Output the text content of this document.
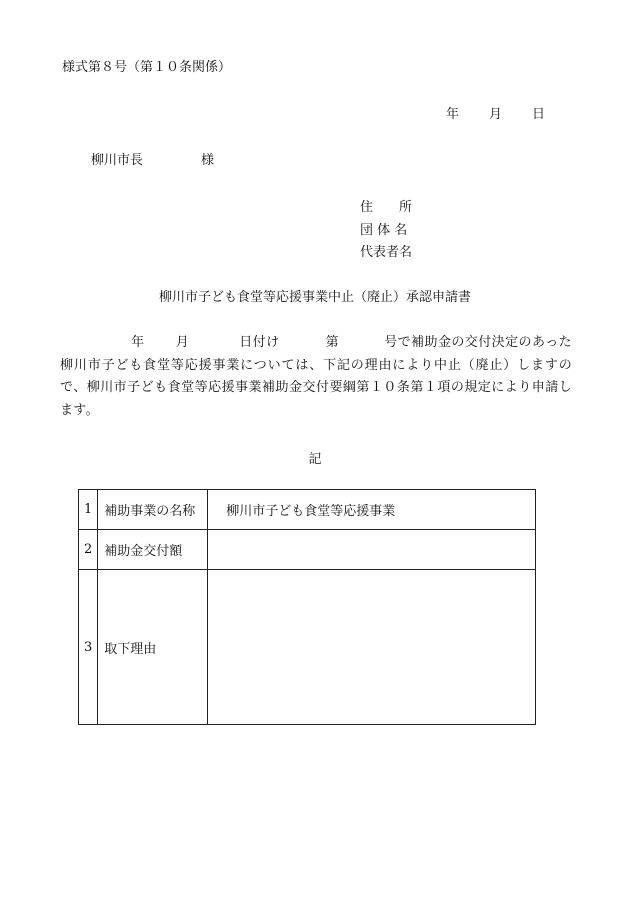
様式第８号（第１０条関係）
年 月 日
柳川市長	様
住　　所
団 体 名
代表者名
柳川市子ども食堂等応援事業中止（廃止）承認申請書
年 月	日付け	第	号で補助金の交付決定のあった柳川市子ども食堂等応援事業については、下記の理由により中止（廃止）しますので、柳川市子ども食堂等応援事業補助金交付要綱第１０条第１項の規定により申請します。
記
1	補助事業の名称	柳川市子ども食堂等応援事業
2	補助金交付額	
3	取下理由	
